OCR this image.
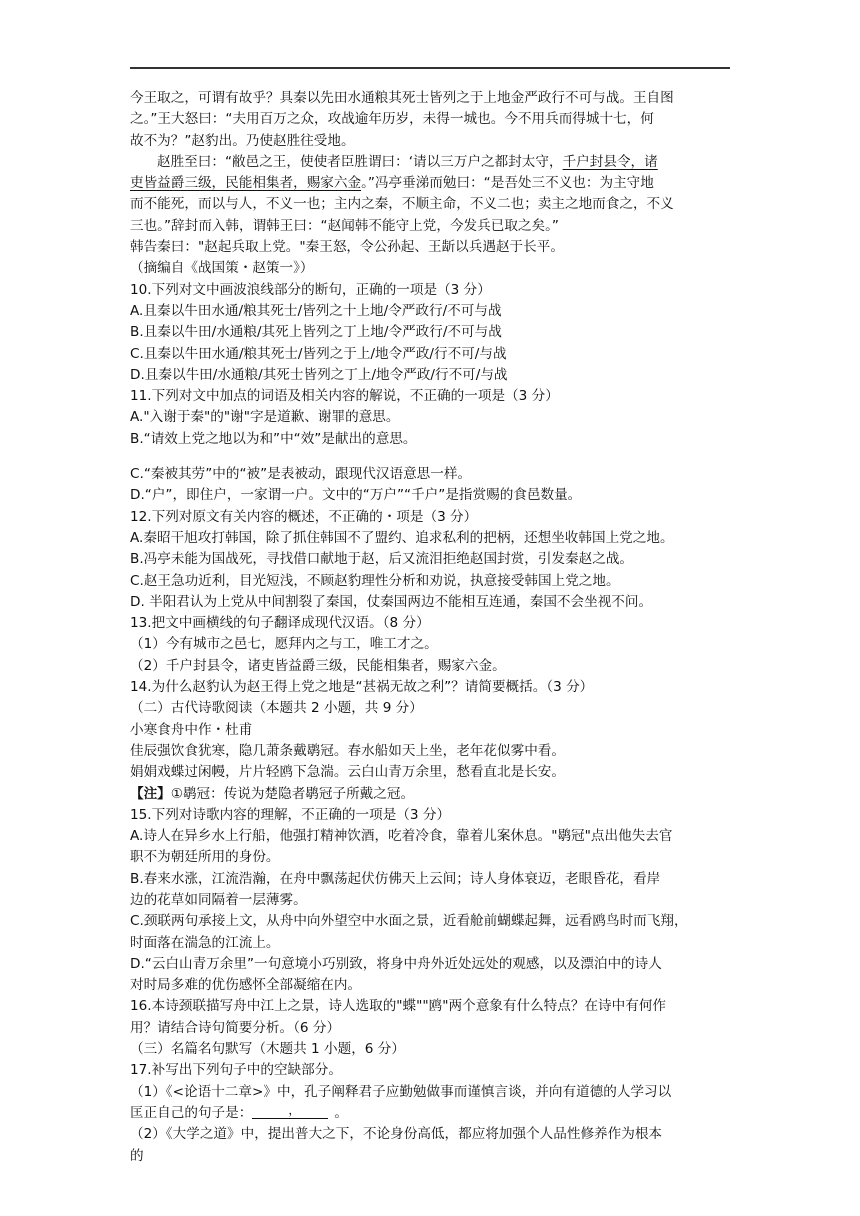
今王取之，可谓有故乎？具秦以先田水通粮其死士皆列之于上地金严政行不可与战。王自图
之。”王大怒曰：“夫用百万之众，攻战逾年历岁，未得一城也。今不用兵而得城十七，何
故不为？”赵豹出。乃使赵胜往受地。
赵胜至曰：“敝邑之王，使使者臣胜谓曰：‘请以三万户之都封太守，千户封县令，诸
吏皆益爵三级，民能相集者，赐家六金。”冯亭垂涕而勉曰：“是吾处三不义也：为主守地
而不能死，而以与人，不义一也；主内之秦，不顺主命，不义二也；卖主之地而食之，不义
三也。”辞封而入韩，谓韩王曰：“赵闻韩不能守上党，今发兵已取之矣。”
韩告秦曰："赵起兵取上党。"秦王怒，令公孙起、王龂以兵遇赵于长平。
（摘编自《战国策・赵策一》）
10.下列对文中画波浪线部分的断句，正确的一项是（3 分）
A.且秦以牛田水通/粮其死士/皆列之十上地/令严政行/不可与战
B.且秦以牛田/水通粮/其死上皆列之丁上地/令严政行/不可与战
C.且秦以牛田水通/粮其死士/皆列之于上/地令严政/行不可/与战
D.且秦以牛田/水通粮/其死士皆列之丁上/地令严政/行不可/与战
11.下列对文中加点的词语及相关内容的解说，不正确的一项是（3 分）
A."入谢于秦"的"谢"字是道歉、谢罪的意思。
B.“请效上党之地以为和”中“效”是献出的意思。
C.“秦被其劳”中的“被”是表被动，跟现代汉语意思一样。
D.“户”，即住户，一家谓一户。文中的“万户”“千户”是指赏赐的食邑数量。
12.下列对原文有关内容的概述，不正确的・项是（3 分）
A.秦昭干旭攻打韩国，除了抓住韩国不了盟约、追求私利的把柄，还想坐收韩国上党之地。
B.冯亭未能为国战死，寻找借口献地于赵，后又流泪拒绝赵国封赏，引发秦赵之战。
C.赵王急功近利，目光短浅，不顾赵豹理性分析和劝说，执意接受韩国上党之地。
D. 半阳君认为上党从中间割裂了秦国，仗秦国两边不能相互连通，秦国不会坐视不问。
13.把文中画横线的句子翻译成现代汉语。（8 分）
（1）今有城市之邑七，愿拜内之与工，唯工才之。
（2）千户封县令，诸吏皆益爵三级，民能相集者，赐家六金。
14.为什么赵豹认为赵王得上党之地是“甚祸无故之利”？请简要概括。（3 分）
（二）古代诗歌阅读（本题共 2 小题，共 9 分）
小寒食舟中作・杜甫
佳辰强饮食犹寒，隐几萧条戴鹖冠。春水船如天上坐，老年花似雾中看。
娟娟戏蝶过闲幔，片片轻鸥下急湍。云白山青万余里，愁看直北是长安。
【注】①鹖冠：传说为楚隐者鹖冠子所戴之冠。
15.下列对诗歌内容的理解，不正确的一项是（3 分）
A.诗人在异乡水上行船，他强打精神饮酒，吃着冷食，靠着儿案休息。"鹖冠"点出他失去官
职不为朝廷所用的身份。
B.春来水涨，江流浩瀚，在舟中飘荡起伏仿佛天上云间；诗人身体衰迈，老眼昏花，看岸
边的花草如同隔着一层薄雾。
C.颈联两句承接上文，从舟中向外望空中水面之景，近看舱前蝴蝶起舞，远看鸥鸟时而飞翔，
时面落在湍急的江流上。
D.“云白山青万余里”一句意境小巧别致，将身中舟外近处远处的观感，以及漂泊中的诗人
对时局多难的优伤感怀全部凝缩在内。
16.本诗颈联描写舟中江上之景，诗人选取的"蝶""鸥"两个意象有什么特点？在诗中有何作
用？请结合诗句简要分析。（6 分）
（三）名篇名句默写（木题共 1 小题，6 分）
17.补写出下列句子中的空缺部分。
（1）《<论语十二章>》中，孔子阐释君子应勤勉做事而谨慎言谈，并向有道德的人学习以
匡正自己的句子是：	， 。
（2）《大学之道》中，提出普大之下，不论身份高低，都应将加强个人品性修养作为根本
的
